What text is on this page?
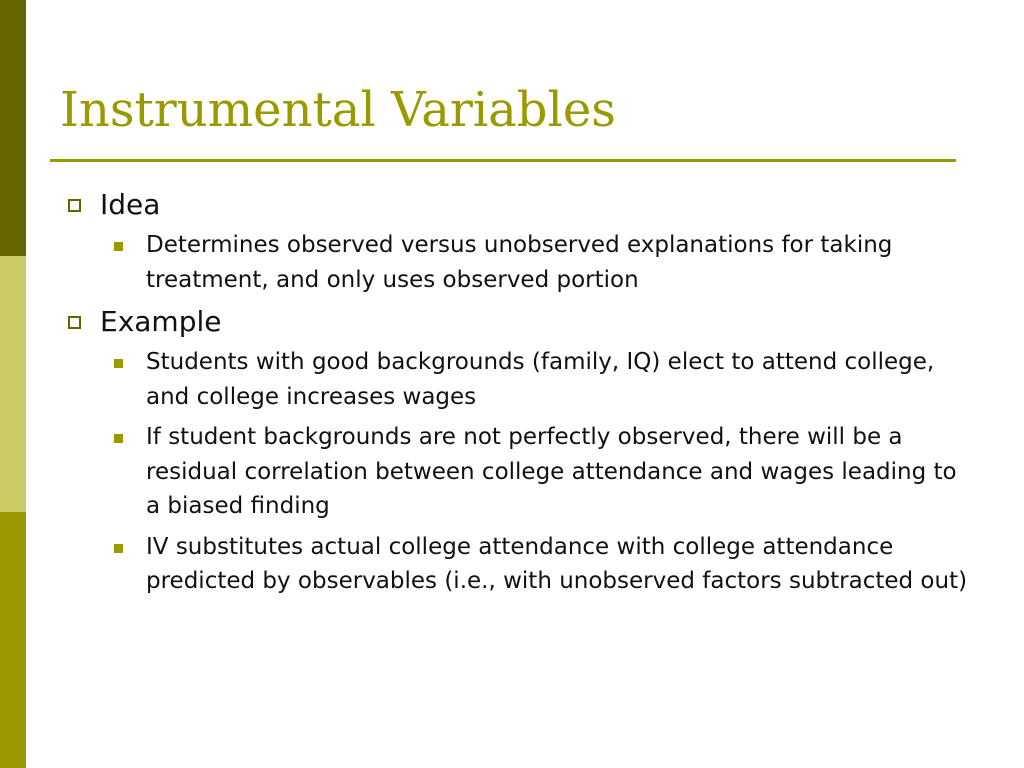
Instrumental Variables
Idea
Determines observed versus unobserved explanations for taking treatment, and only uses observed portion
Example
Students with good backgrounds (family, IQ) elect to attend college, and college increases wages
If student backgrounds are not perfectly observed, there will be a residual correlation between college attendance and wages leading to a biased finding
IV substitutes actual college attendance with college attendance predicted by observables (i.e., with unobserved factors subtracted out)
